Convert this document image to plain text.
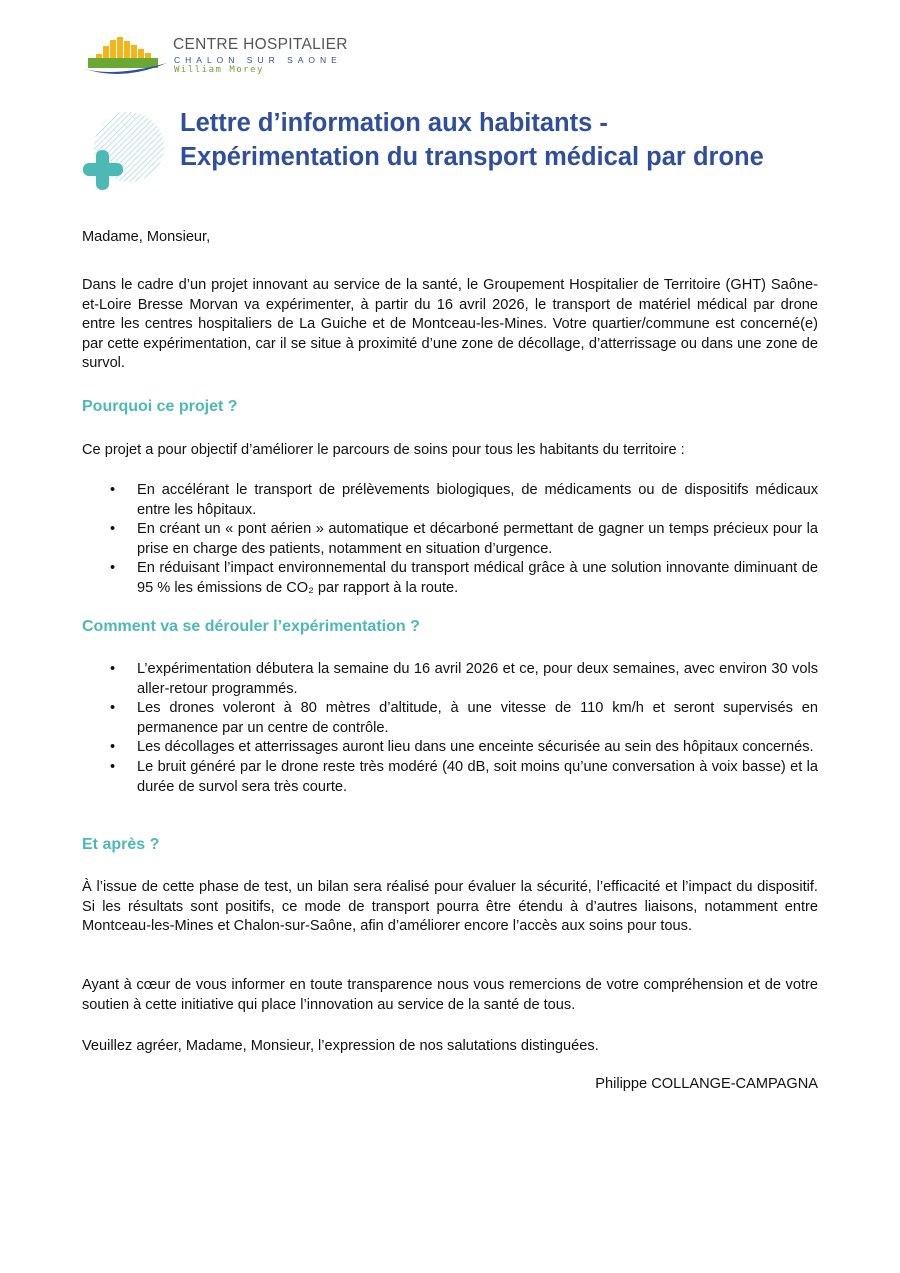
CENTRE HOSPITALIER
CHALON SUR SAONE
William Morey
Lettre d’information aux habitants -
Expérimentation du transport médical par drone

Madame, Monsieur,

Dans le cadre d’un projet innovant au service de la santé, le Groupement Hospitalier de Territoire (GHT) Saône-et-Loire Bresse Morvan va expérimenter, à partir du 16 avril 2026, le transport de matériel médical par drone entre les centres hospitaliers de La Guiche et de Montceau-les-Mines. Votre quartier/commune est concerné(e) par cette expérimentation, car il se situe à proximité d’une zone de décollage, d’atterrissage ou dans une zone de survol.

Pourquoi ce projet ?

Ce projet a pour objectif d’améliorer le parcours de soins pour tous les habitants du territoire :

• En accélérant le transport de prélèvements biologiques, de médicaments ou de dispositifs médicaux entre les hôpitaux.
• En créant un « pont aérien » automatique et décarboné permettant de gagner un temps précieux pour la prise en charge des patients, notamment en situation d’urgence.
• En réduisant l’impact environnemental du transport médical grâce à une solution innovante diminuant de 95 % les émissions de CO₂ par rapport à la route.
Comment va se dérouler l’expérimentation ?
• L’expérimentation débutera la semaine du 16 avril 2026 et ce, pour deux semaines, avec environ 30 vols aller-retour programmés.
• Les drones voleront à 80 mètres d’altitude, à une vitesse de 110 km/h et seront supervisés en permanence par un centre de contrôle.
• Les décollages et atterrissages auront lieu dans une enceinte sécurisée au sein des hôpitaux concernés.
• Le bruit généré par le drone reste très modéré (40 dB, soit moins qu’une conversation à voix basse) et la durée de survol sera très courte.
Et après ?

À l’issue de cette phase de test, un bilan sera réalisé pour évaluer la sécurité, l’efficacité et l’impact du dispositif. Si les résultats sont positifs, ce mode de transport pourra être étendu à d’autres liaisons, notamment entre Montceau-les-Mines et Chalon-sur-Saône, afin d’améliorer encore l’accès aux soins pour tous.

Ayant à cœur de vous informer en toute transparence nous vous remercions de votre compréhension et de votre soutien à cette initiative qui place l’innovation au service de la santé de tous.

Veuillez agréer, Madame, Monsieur, l’expression de nos salutations distinguées.

Philippe COLLANGE-CAMPAGNA
